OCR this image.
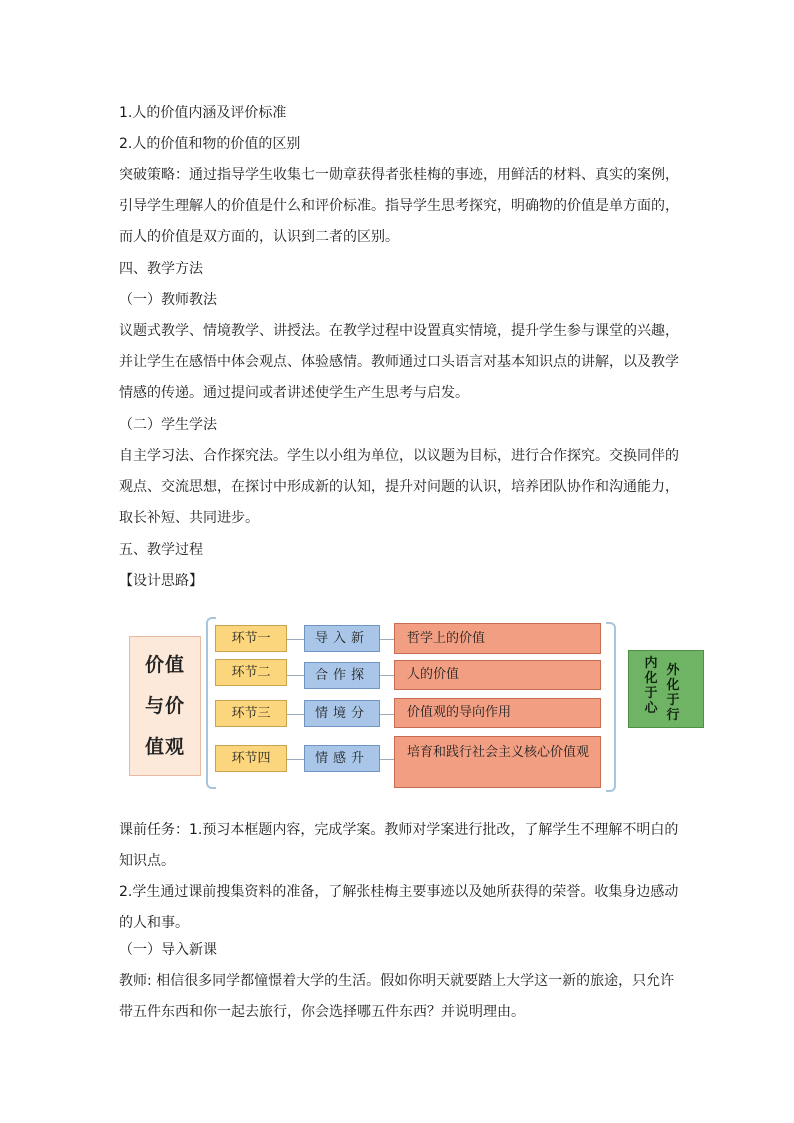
1.人的价值内涵及评价标准
2.人的价值和物的价值的区别

突破策略：通过指导学生收集七一勋章获得者张桂梅的事迹，用鲜活的材料、真实的案例，引导学生理解人的价值是什么和评价标准。指导学生思考探究，明确物的价值是单方面的，而人的价值是双方面的，认识到二者的区别。

四、教学方法
（一）教师教法

议题式教学、情境教学、讲授法。在教学过程中设置真实情境，提升学生参与课堂的兴趣，并让学生在感悟中体会观点、体验感情。教师通过口头语言对基本知识点的讲解，以及教学情感的传递。通过提问或者讲述使学生产生思考与启发。

（二）学生学法

自主学习法、合作探究法。学生以小组为单位，以议题为目标，进行合作探究。交换同伴的观点、交流思想，在探讨中形成新的认知，提升对问题的认识，培养团队协作和沟通能力，取长补短、共同进步。

五、教学过程
【设计思路】
价值
与价
值观
环节一	导入新	哲学上的价值
环节二	合作探	人的价值
环节三	情境分	价值观的导向作用
环节四	情感升	培育和践行社会主义核心价值观
内化于心
外化于行

课前任务：1.预习本框题内容，完成学案。教师对学案进行批改，了解学生不理解不明白的知识点。

2.学生通过课前搜集资料的准备，了解张桂梅主要事迹以及她所获得的荣誉。收集身边感动的人和事。

（一）导入新课

教师: 相信很多同学都憧憬着大学的生活。假如你明天就要踏上大学这一新的旅途，只允许带五件东西和你一起去旅行，你会选择哪五件东西？并说明理由。
